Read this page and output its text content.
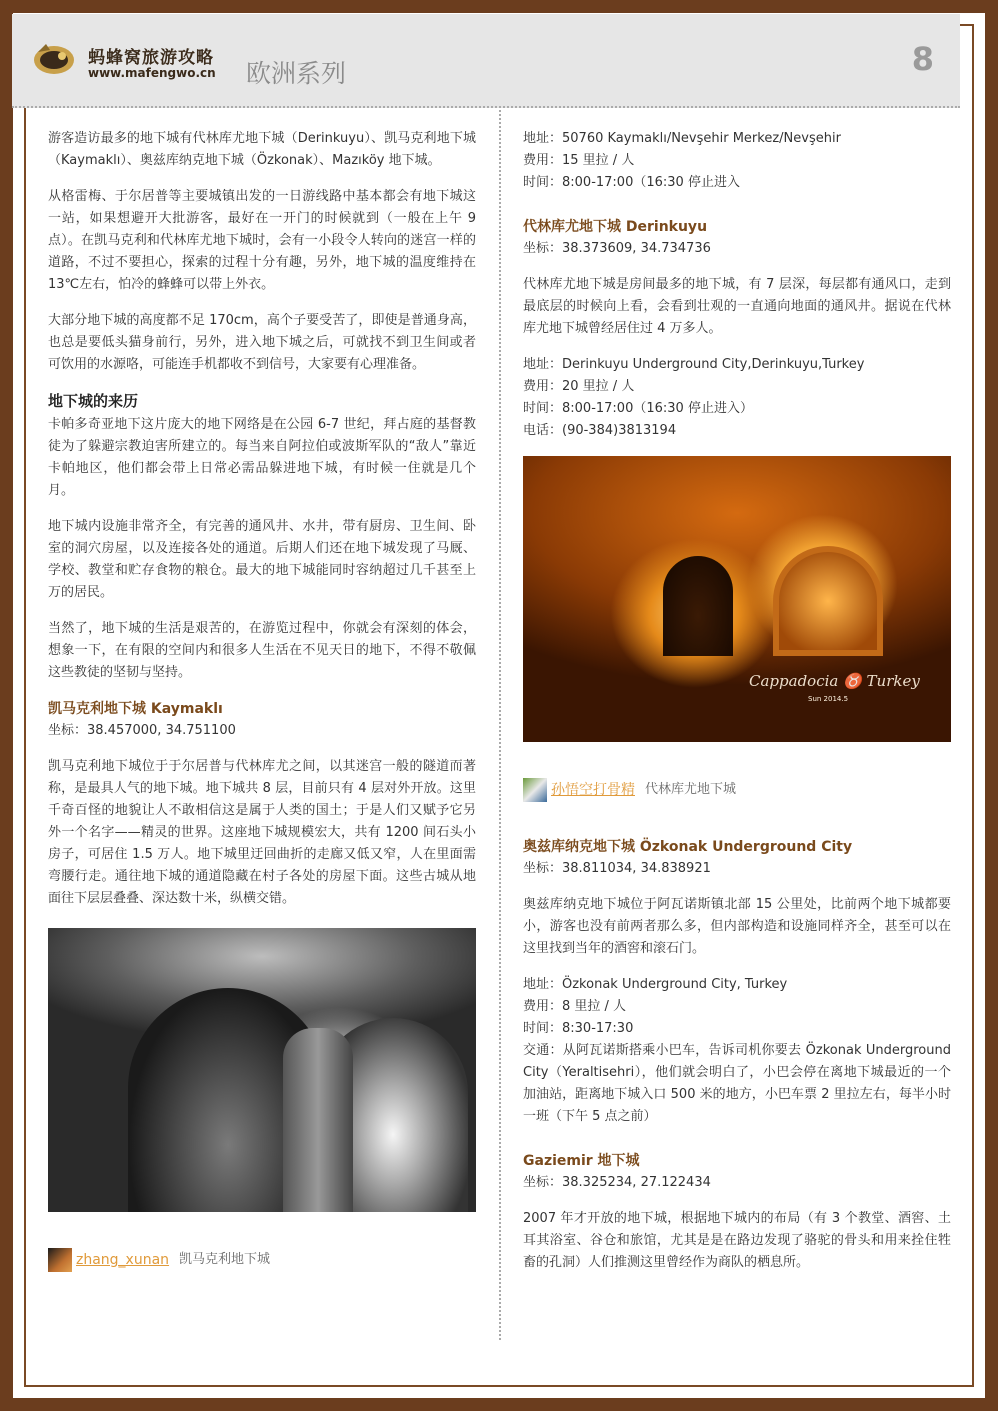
蚂蜂窝旅游攻略
www.mafengwo.cn 欧洲系列	8

游客造访最多的地下城有代林库尤地下城（Derinkuyu）、凯马克利地下城（Kaymaklı）、奥兹库纳克地下城（Özkonak）、Mazıköy 地下城。

从格雷梅、于尔居普等主要城镇出发的一日游线路中基本都会有地下城这一站，如果想避开大批游客，最好在一开门的时候就到（一般在上午 9 点）。在凯马克利和代林库尤地下城时，会有一小段令人转向的迷宫一样的道路，不过不要担心，探索的过程十分有趣，另外，地下城的温度维持在 13℃左右，怕冷的蜂蜂可以带上外衣。

大部分地下城的高度都不足 170cm，高个子要受苦了，即使是普通身高，也总是要低头猫身前行，另外，进入地下城之后，可就找不到卫生间或者可饮用的水源咯，可能连手机都收不到信号，大家要有心理准备。

地下城的来历

卡帕多奇亚地下这片庞大的地下网络是在公园 6-7 世纪，拜占庭的基督教徒为了躲避宗教迫害所建立的。每当来自阿拉伯或波斯军队的“敌人”靠近卡帕地区，他们都会带上日常必需品躲进地下城，有时候一住就是几个月。

地下城内设施非常齐全，有完善的通风井、水井，带有厨房、卫生间、卧室的洞穴房屋，以及连接各处的通道。后期人们还在地下城发现了马厩、学校、教堂和贮存食物的粮仓。最大的地下城能同时容纳超过几千甚至上万的居民。

当然了，地下城的生活是艰苦的，在游览过程中，你就会有深刻的体会，想象一下，在有限的空间内和很多人生活在不见天日的地下，不得不敬佩这些教徒的坚韧与坚持。

凯马克利地下城 Kaymaklı

坐标：38.457000, 34.751100

凯马克利地下城位于于尔居普与代林库尤之间，以其迷宫一般的隧道而著称，是最具人气的地下城。地下城共 8 层，目前只有 4 层对外开放。这里千奇百怪的地貌让人不敢相信这是属于人类的国土；于是人们又赋予它另外一个名字——精灵的世界。这座地下城规模宏大，共有 1200 间石头小房子，可居住 1.5 万人。地下城里迂回曲折的走廊又低又窄，人在里面需弯腰行走。通往地下城的通道隐藏在村子各处的房屋下面。这些古城从地面往下层层叠叠、深达数十米，纵横交错。

zhang_xunan 凯马克利地下城

地址：50760 Kaymaklı/Nevşehir Merkez/Nevşehir

费用：15 里拉 / 人

时间：8:00-17:00（16:30 停止进入

代林库尤地下城 Derinkuyu

坐标：38.373609, 34.734736

代林库尤地下城是房间最多的地下城，有 7 层深，每层都有通风口，走到最底层的时候向上看，会看到壮观的一直通向地面的通风井。据说在代林库尤地下城曾经居住过 4 万多人。

地址：Derinkuyu Underground City,Derinkuyu,Turkey

费用：20 里拉 / 人

时间：8:00-17:00（16:30 停止进入）

电话：(90-384)3813194

Cappadocia ♉ Turkey
Sun 2014.5
孙悟空打骨精 代林库尤地下城
奥兹库纳克地下城 Özkonak Underground City

坐标：38.811034, 34.838921

奥兹库纳克地下城位于阿瓦诺斯镇北部 15 公里处，比前两个地下城都要小，游客也没有前两者那么多，但内部构造和设施同样齐全，甚至可以在这里找到当年的酒窖和滚石门。

地址：Özkonak Underground City, Turkey

费用：8 里拉 / 人

时间：8:30-17:30

交通：从阿瓦诺斯搭乘小巴车，告诉司机你要去 Özkonak Underground City（Yeraltisehri），他们就会明白了，小巴会停在离地下城最近的一个加油站，距离地下城入口 500 米的地方，小巴车票 2 里拉左右，每半小时一班（下午 5 点之前）

Gaziemir 地下城

坐标：38.325234, 27.122434

2007 年才开放的地下城，根据地下城内的布局（有 3 个教堂、酒窖、土耳其浴室、谷仓和旅馆，尤其是是在路边发现了骆驼的骨头和用来拴住牲畜的孔洞）人们推测这里曾经作为商队的栖息所。
